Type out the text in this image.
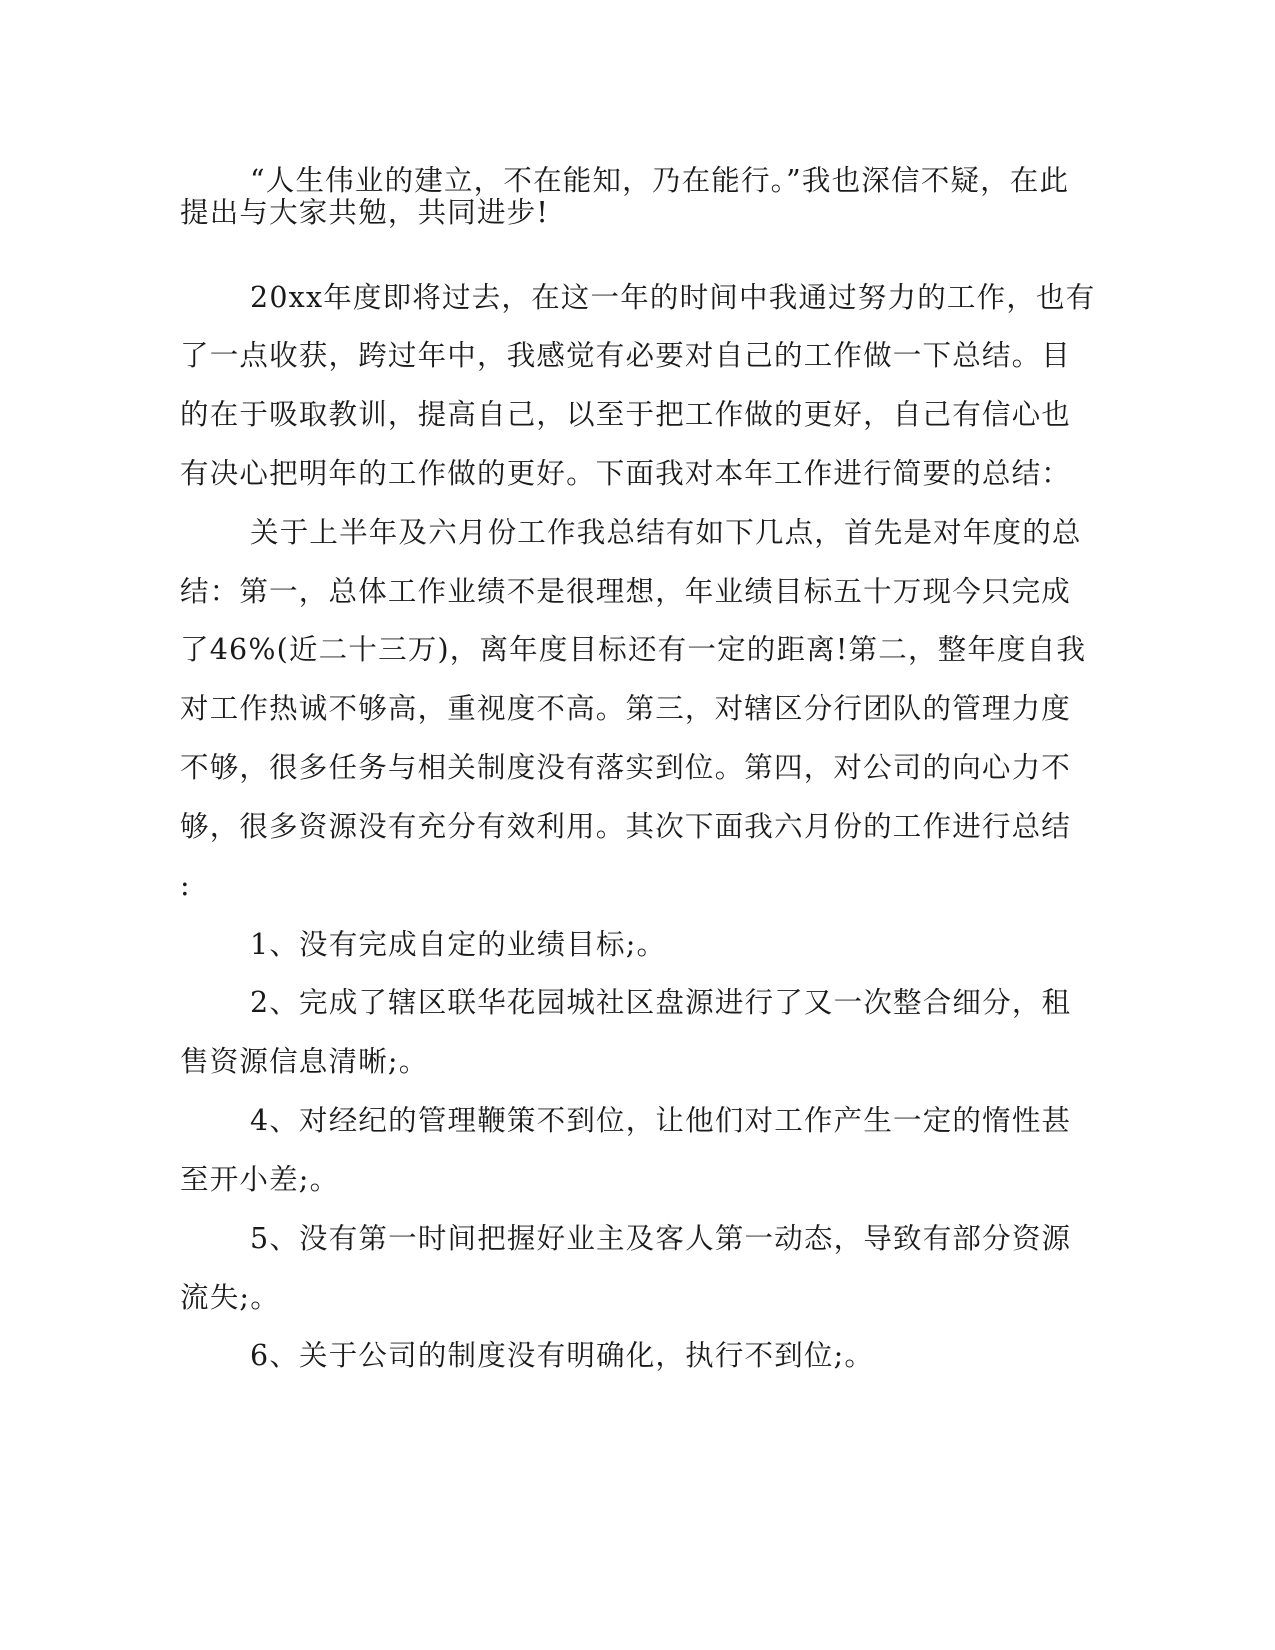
“人生伟业的建立，不在能知，乃在能行。”我也深信不疑，在此
提出与大家共勉，共同进步!
20xx年度即将过去，在这一年的时间中我通过努力的工作，也有
了一点收获，跨过年中，我感觉有必要对自己的工作做一下总结。目
的在于吸取教训，提高自己，以至于把工作做的更好，自己有信心也
有决心把明年的工作做的更好。下面我对本年工作进行简要的总结：
关于上半年及六月份工作我总结有如下几点，首先是对年度的总
结：第一，总体工作业绩不是很理想，年业绩目标五十万现今只完成
了46%(近二十三万)，离年度目标还有一定的距离!第二，整年度自我
对工作热诚不够高，重视度不高。第三，对辖区分行团队的管理力度
不够，很多任务与相关制度没有落实到位。第四，对公司的向心力不
够，很多资源没有充分有效利用。其次下面我六月份的工作进行总结
:
1、没有完成自定的业绩目标;。
2、完成了辖区联华花园城社区盘源进行了又一次整合细分，租
售资源信息清晰;。
4、对经纪的管理鞭策不到位，让他们对工作产生一定的惰性甚
至开小差;。
5、没有第一时间把握好业主及客人第一动态，导致有部分资源
流失;。
6、关于公司的制度没有明确化，执行不到位;。
